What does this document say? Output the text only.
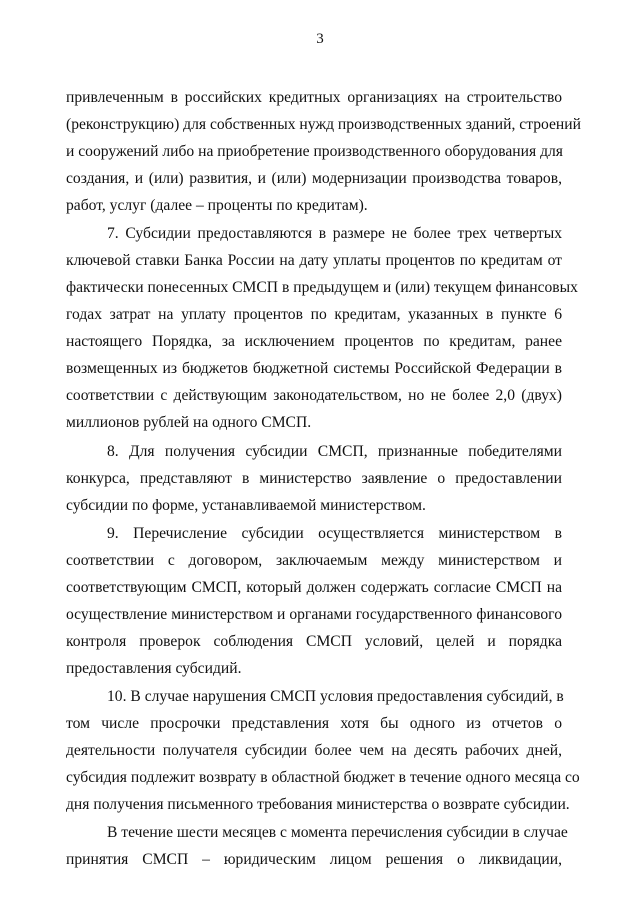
3
привлеченным в российских кредитных организациях на строительство
(реконструкцию) для собственных нужд производственных зданий, строений
и сооружений либо на приобретение производственного оборудования для
создания, и (или) развития, и (или) модернизации производства товаров,
работ, услуг (далее – проценты по кредитам).
7. Субсидии предоставляются в размере не более трех четвертых
ключевой ставки Банка России на дату уплаты процентов по кредитам от
фактически понесенных СМСП в предыдущем и (или) текущем финансовых
годах затрат на уплату процентов по кредитам, указанных в пункте 6
настоящего Порядка, за исключением процентов по кредитам, ранее
возмещенных из бюджетов бюджетной системы Российской Федерации в
соответствии с действующим законодательством, но не более 2,0 (двух)
миллионов рублей на одного СМСП.
8. Для получения субсидии СМСП, признанные победителями
конкурса, представляют в министерство заявление о предоставлении
субсидии по форме, устанавливаемой министерством.
9. Перечисление субсидии осуществляется министерством в
соответствии с договором, заключаемым между министерством и
соответствующим СМСП, который должен содержать согласие СМСП на
осуществление министерством и органами государственного финансового
контроля проверок соблюдения СМСП условий, целей и порядка
предоставления субсидий.
10. В случае нарушения СМСП условия предоставления субсидий, в
том числе просрочки представления хотя бы одного из отчетов о
деятельности получателя субсидии более чем на десять рабочих дней,
субсидия подлежит возврату в областной бюджет в течение одного месяца со
дня получения письменного требования министерства о возврате субсидии.
В течение шести месяцев с момента перечисления субсидии в случае
принятия СМСП – юридическим лицом решения о ликвидации,
